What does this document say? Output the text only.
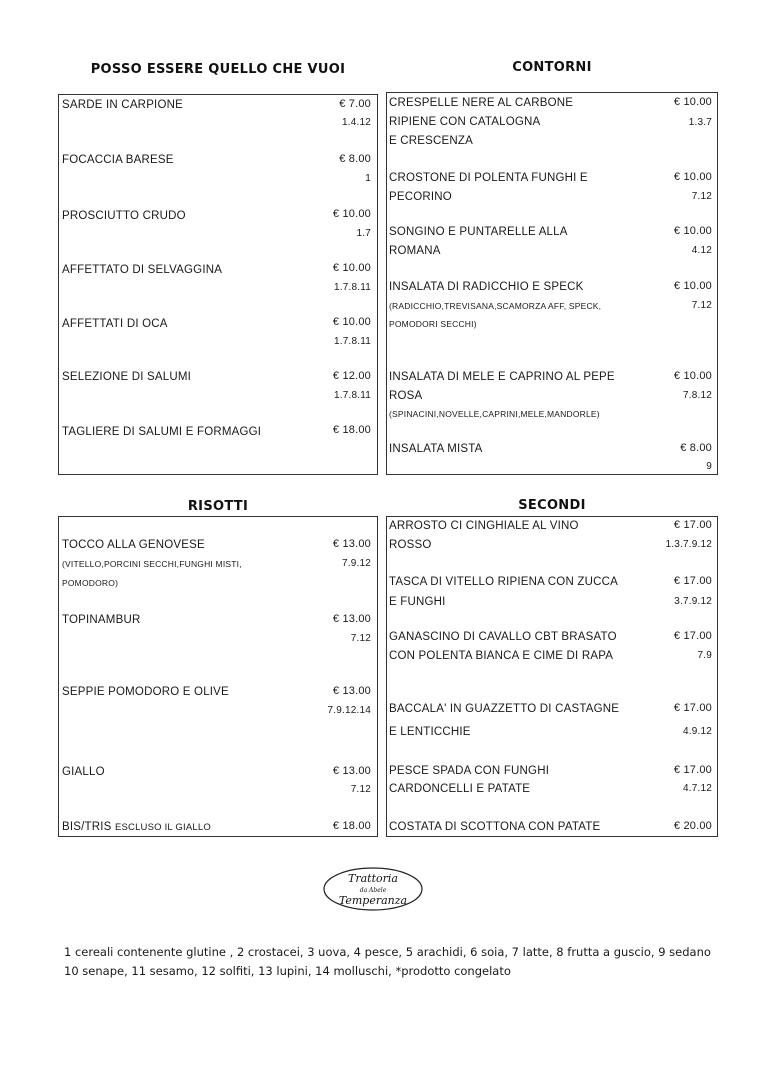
POSSO ESSERE QUELLO CHE VUOI	CONTORNI
RISOTTI	SECONDI
SARDE IN CARPIONE	€ 7.00
1.4.12
FOCACCIA BARESE	€ 8.00
1
PROSCIUTTO CRUDO	€ 10.00
1.7
AFFETTATO DI SELVAGGINA	€ 10.00
1.7.8.11
AFFETTATI DI OCA	€ 10.00
1.7.8.11
SELEZIONE DI SALUMI	€ 12.00
1.7.8.11
TAGLIERE DI SALUMI E FORMAGGI	€ 18.00
CRESPELLE NERE AL CARBONE
RIPIENE CON CATALOGNA
E CRESCENZA
€ 10.00
1.3.7
CROSTONE DI POLENTA FUNGHI E
PECORINO
€ 10.00
7.12
SONGINO E PUNTARELLE ALLA
ROMANA
€ 10.00
4.12
INSALATA DI RADICCHIO E SPECK
(RADICCHIO,TREVISANA,SCAMORZA AFF, SPECK,
POMODORI SECCHI)
€ 10.00
7.12
INSALATA DI MELE E CAPRINO AL PEPE
ROSA
(SPINACINI,NOVELLE,CAPRINI,MELE,MANDORLE)
€ 10.00
7.8.12
INSALATA MISTA	€ 8.00
9
TOCCO ALLA GENOVESE
(VITELLO,PORCINI SECCHI,FUNGHI MISTI,
POMODORO)
€ 13.00
7.9.12
TOPINAMBUR	€ 13.00
7.12
SEPPIE POMODORO E OLIVE	€ 13.00
7.9.12.14
GIALLO	€ 13.00
7.12
BIS/TRIS ESCLUSO IL GIALLO	€ 18.00
ARROSTO CI CINGHIALE AL VINO
ROSSO
€ 17.00
1.3.7.9.12
TASCA DI VITELLO RIPIENA CON ZUCCA
E FUNGHI
€ 17.00
3.7.9.12
GANASCINO DI CAVALLO CBT BRASATO
CON POLENTA BIANCA E CIME DI RAPA
€ 17.00
7.9
BACCALA' IN GUAZZETTO DI CASTAGNE
E LENTICCHIE
€ 17.00
4.9.12
PESCE SPADA CON FUNGHI
CARDONCELLI E PATATE
€ 17.00
4.7.12
COSTATA DI SCOTTONA CON PATATE	€ 20.00
Trattoria
da Abele
Temperanza
1 cereali contenente glutine , 2 crostacei, 3 uova, 4 pesce, 5 arachidi, 6 soia, 7 latte, 8 frutta a guscio, 9 sedano
10 senape, 11 sesamo, 12 solfiti, 13 lupini, 14 molluschi, *prodotto congelato
